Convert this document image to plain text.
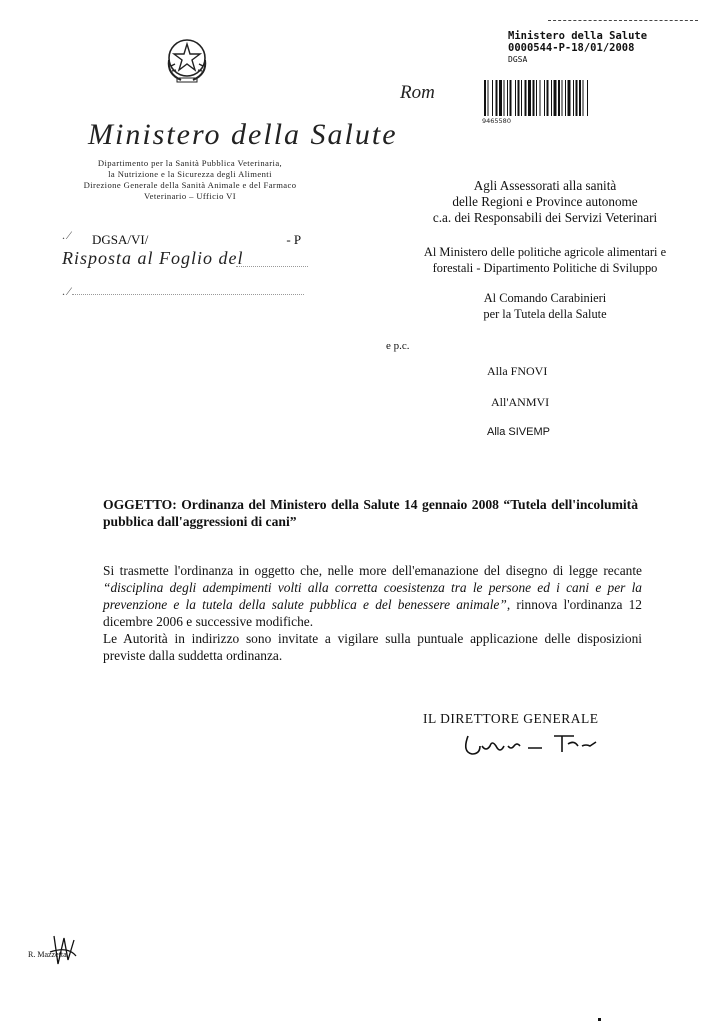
Ministero della Salute
Dipartimento per la Sanità Pubblica Veterinaria,
la Nutrizione e la Sicurezza degli Alimenti
Direzione Generale della Sanità Animale e del Farmaco
Veterinario – Ufficio VI
Ministero della Salute
0000544-P-18/01/2008
DGSA
Rom
9465580
. ⁄ DGSA/VI/	- P
Risposta al Foglio del
. ⁄
Agli Assessorati alla sanità
delle Regioni e Province autonome
c.a. dei Responsabili dei Servizi Veterinari
Al Ministero delle politiche agricole alimentari e
forestali - Dipartimento Politiche di Sviluppo
Al Comando Carabinieri
per la Tutela della Salute
e p.c.
Alla FNOVI
All'ANMVI
Alla SIVEMP
OGGETTO: Ordinanza del Ministero della Salute 14 gennaio 2008 “Tutela dell'incolumità pubblica dall'aggressioni di cani”

Si trasmette l'ordinanza in oggetto che, nelle more dell'emanazione del disegno di legge recante “disciplina degli adempimenti volti alla corretta coesistenza tra le persone ed i cani e per la prevenzione e la tutela della salute pubblica e del benessere animale”, rinnova l'ordinanza 12 dicembre 2006 e successive modifiche.

Le Autorità in indirizzo sono invitate a vigilare sulla puntuale applicazione delle disposizioni previste dalla suddetta ordinanza.

IL DIRETTORE GENERALE
R. Mazzetta
